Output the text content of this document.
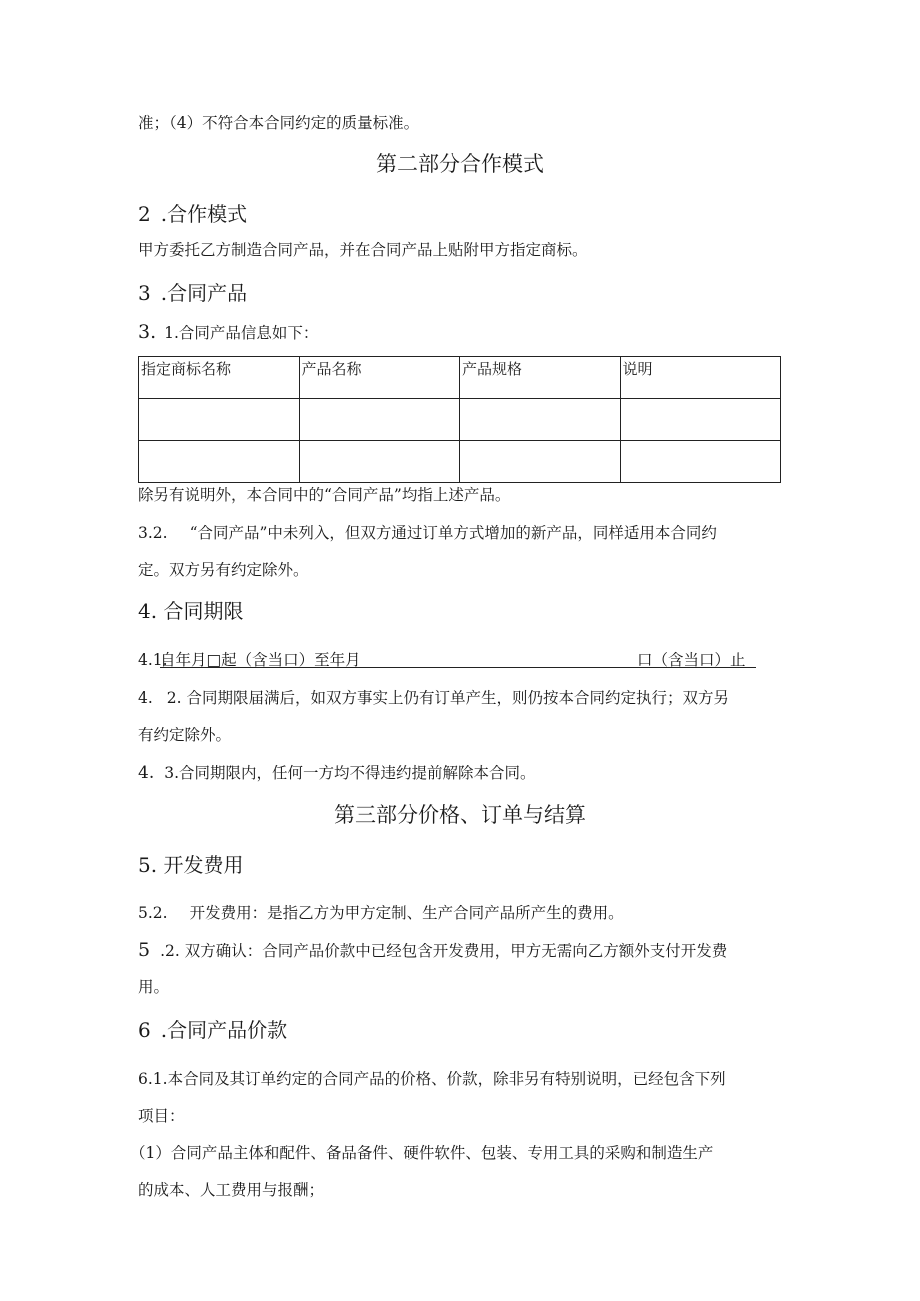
准；（4）不符合本合同约定的质量标准。
第二部分合作模式
2 .合作模式
甲方委托乙方制造合同产品，并在合同产品上贴附甲方指定商标。
3 .合同产品
3. 1.合同产品信息如下：
指定商标名称	产品名称	产品规格	说明

除另有说明外，本合同中的“合同产品”均指上述产品。
3.2. “合同产品”中未列入，但双方通过订单方式增加的新产品，同样适用本合同约
定。双方另有约定除外。
4. 合同期限
4.1.
自年月□起（含当口）至年月	口（含当口）止
4. 2. 合同期限届满后，如双方事实上仍有订单产生，则仍按本合同约定执行；双方另
有约定除外。
4. 3.合同期限内，任何一方均不得违约提前解除本合同。
第三部分价格、订单与结算
5. 开发费用
5.2. 开发费用：是指乙方为甲方定制、生产合同产品所产生的费用。
5 .2. 双方确认：合同产品价款中已经包含开发费用，甲方无需向乙方额外支付开发费
用。
6 .合同产品价款
6.1.本合同及其订单约定的合同产品的价格、价款，除非另有特别说明，已经包含下列
项目：
（1）合同产品主体和配件、备品备件、硬件软件、包装、专用工具的采购和制造生产
的成本、人工费用与报酬；
